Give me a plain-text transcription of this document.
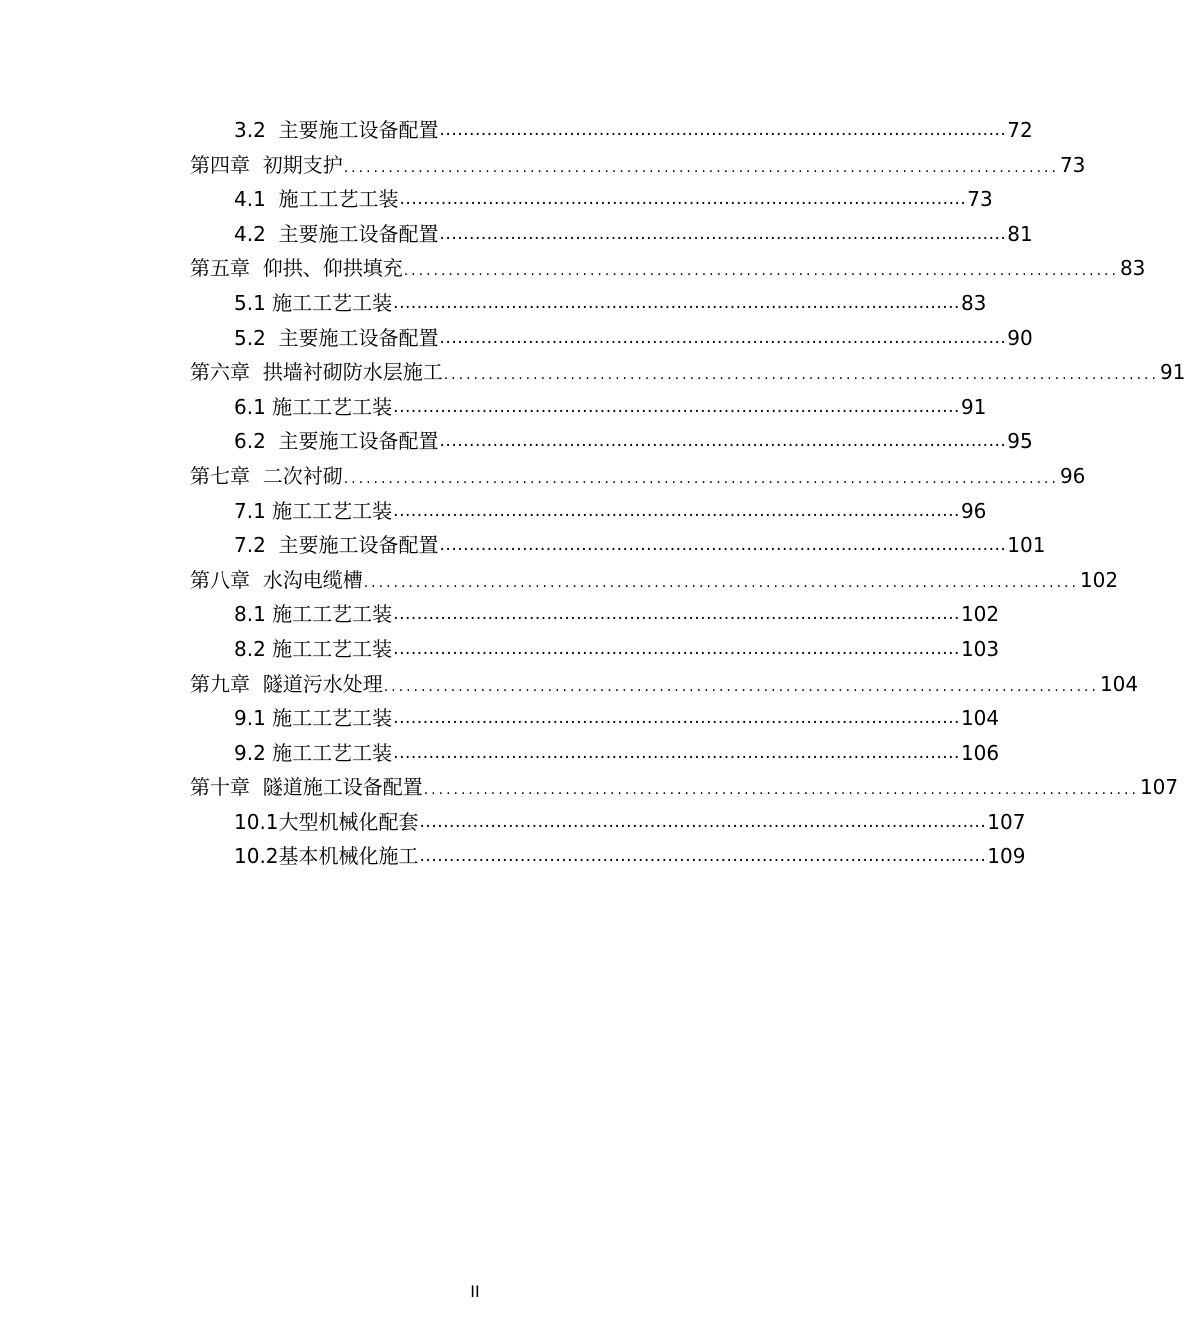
3.2  主要施工设备配置 ................................................................................................ 72
第四章  初期支护 ................................................................................................ 73
4.1  施工工艺工装 ................................................................................................ 73
4.2  主要施工设备配置 ................................................................................................ 81
第五章  仰拱、仰拱填充 ................................................................................................ 83
5.1 施工工艺工装 ................................................................................................ 83
5.2  主要施工设备配置 ................................................................................................ 90
第六章  拱墙衬砌防水层施工 ................................................................................................ 91
6.1 施工工艺工装 ................................................................................................ 91
6.2  主要施工设备配置 ................................................................................................ 95
第七章  二次衬砌 ................................................................................................ 96
7.1 施工工艺工装 ................................................................................................ 96
7.2  主要施工设备配置 ................................................................................................ 101
第八章  水沟电缆槽 ................................................................................................ 102
8.1 施工工艺工装 ................................................................................................ 102
8.2 施工工艺工装 ................................................................................................ 103
第九章  隧道污水处理 ................................................................................................ 104
9.1 施工工艺工装 ................................................................................................ 104
9.2 施工工艺工装 ................................................................................................ 106
第十章  隧道施工设备配置 ................................................................................................ 107
10.1大型机械化配套 ................................................................................................ 107
10.2基本机械化施工 ................................................................................................ 109
II
